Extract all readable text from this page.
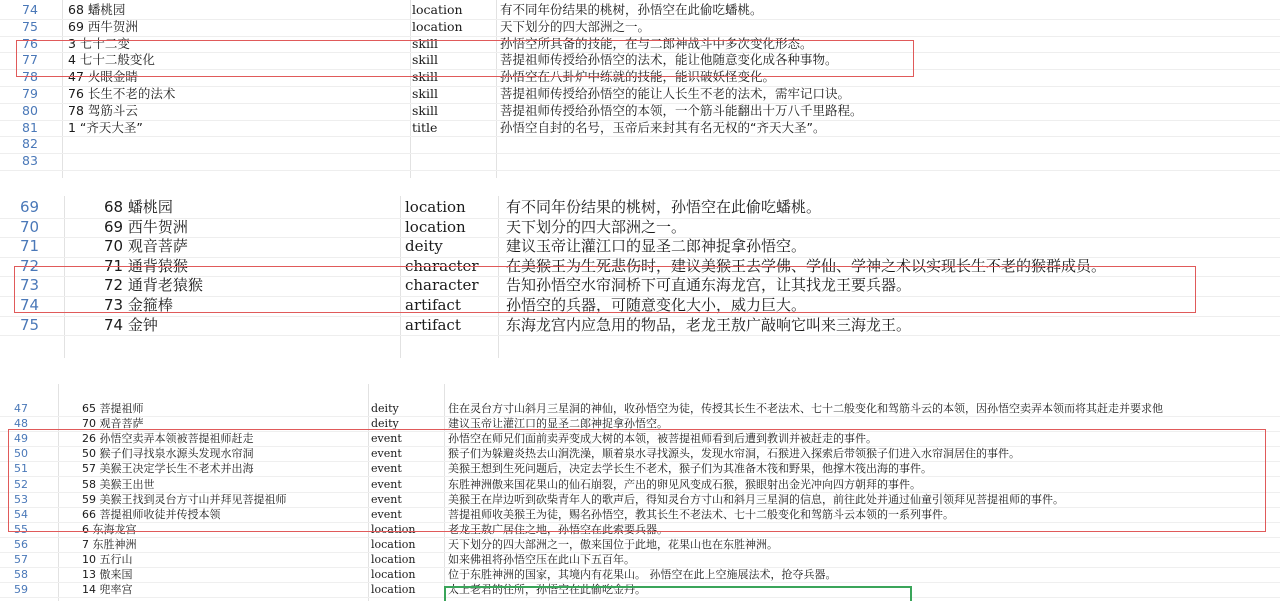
74	68 蟠桃园	location	有不同年份结果的桃树，孙悟空在此偷吃蟠桃。
75	69 西牛贺洲	location	天下划分的四大部洲之一。
76	3 七十二变	skill	孙悟空所具备的技能，在与二郎神战斗中多次变化形态。
77	4 七十二般变化	skill	菩提祖师传授给孙悟空的法术，能让他随意变化成各种事物。
78	47 火眼金睛	skill	孙悟空在八卦炉中练就的技能，能识破妖怪变化。
79	76 长生不老的法术	skill	菩提祖师传授给孙悟空的能让人长生不老的法术，需牢记口诀。
80	78 驾筋斗云	skill	菩提祖师传授给孙悟空的本领，一个筋斗能翻出十万八千里路程。
81	1 “齐天大圣”	title	孙悟空自封的名号，玉帝后来封其有名无权的“齐天大圣”。
82
83
69	68 蟠桃园	location	有不同年份结果的桃树，孙悟空在此偷吃蟠桃。
70	69 西牛贺洲	location	天下划分的四大部洲之一。
71	70 观音菩萨	deity	建议玉帝让灌江口的显圣二郎神捉拿孙悟空。
72	71 通背猿猴	character	在美猴王为生死悲伤时，建议美猴王去学佛、学仙、学神之术以实现长生不老的猴群成员。
73	72 通背老猿猴	character	告知孙悟空水帘洞桥下可直通东海龙宫，让其找龙王要兵器。
74	73 金箍棒	artifact	孙悟空的兵器，可随意变化大小，威力巨大。
75	74 金钟	artifact	东海龙宫内应急用的物品，老龙王敖广敲响它叫来三海龙王。
47	65 菩提祖师	deity	住在灵台方寸山斜月三星洞的神仙，收孙悟空为徒，传授其长生不老法术、七十二般变化和驾筋斗云的本领，因孙悟空卖弄本领而将其赶走并要求他
48	70 观音菩萨	deity	建议玉帝让灌江口的显圣二郎神捉拿孙悟空。
49	26 孙悟空卖弄本领被菩提祖师赶走	event	孙悟空在师兄们面前卖弄变成大树的本领，被菩提祖师看到后遭到教训并被赶走的事件。
50	50 猴子们寻找泉水源头发现水帘洞	event	猴子们为躲避炎热去山涧洗澡，顺着泉水寻找源头，发现水帘洞，石猴进入探索后带领猴子们进入水帘洞居住的事件。
51	57 美猴王决定学长生不老术并出海	event	美猴王想到生死问题后，决定去学长生不老术，猴子们为其准备木筏和野果，他撑木筏出海的事件。
52	58 美猴王出世	event	东胜神洲傲来国花果山的仙石崩裂，产出的卵见风变成石猴，猴眼射出金光冲向四方朝拜的事件。
53	59 美猴王找到灵台方寸山并拜见菩提祖师	event	美猴王在岸边听到砍柴青年人的歌声后，得知灵台方寸山和斜月三星洞的信息，前往此处并通过仙童引领拜见菩提祖师的事件。
54	66 菩提祖师收徒并传授本领	event	菩提祖师收美猴王为徒，赐名孙悟空，教其长生不老法术、七十二般变化和驾筋斗云本领的一系列事件。
55	6 东海龙宫	location	老龙王敖广居住之地，孙悟空在此索要兵器。
56	7 东胜神洲	location	天下划分的四大部洲之一，傲来国位于此地，花果山也在东胜神洲。
57	10 五行山	location	如来佛祖将孙悟空压在此山下五百年。
58	13 傲来国	location	位于东胜神洲的国家，其境内有花果山。 孙悟空在此上空施展法术，抢夺兵器。
59	14 兜率宫	location	太上老君的住所，孙悟空在此偷吃金丹。
